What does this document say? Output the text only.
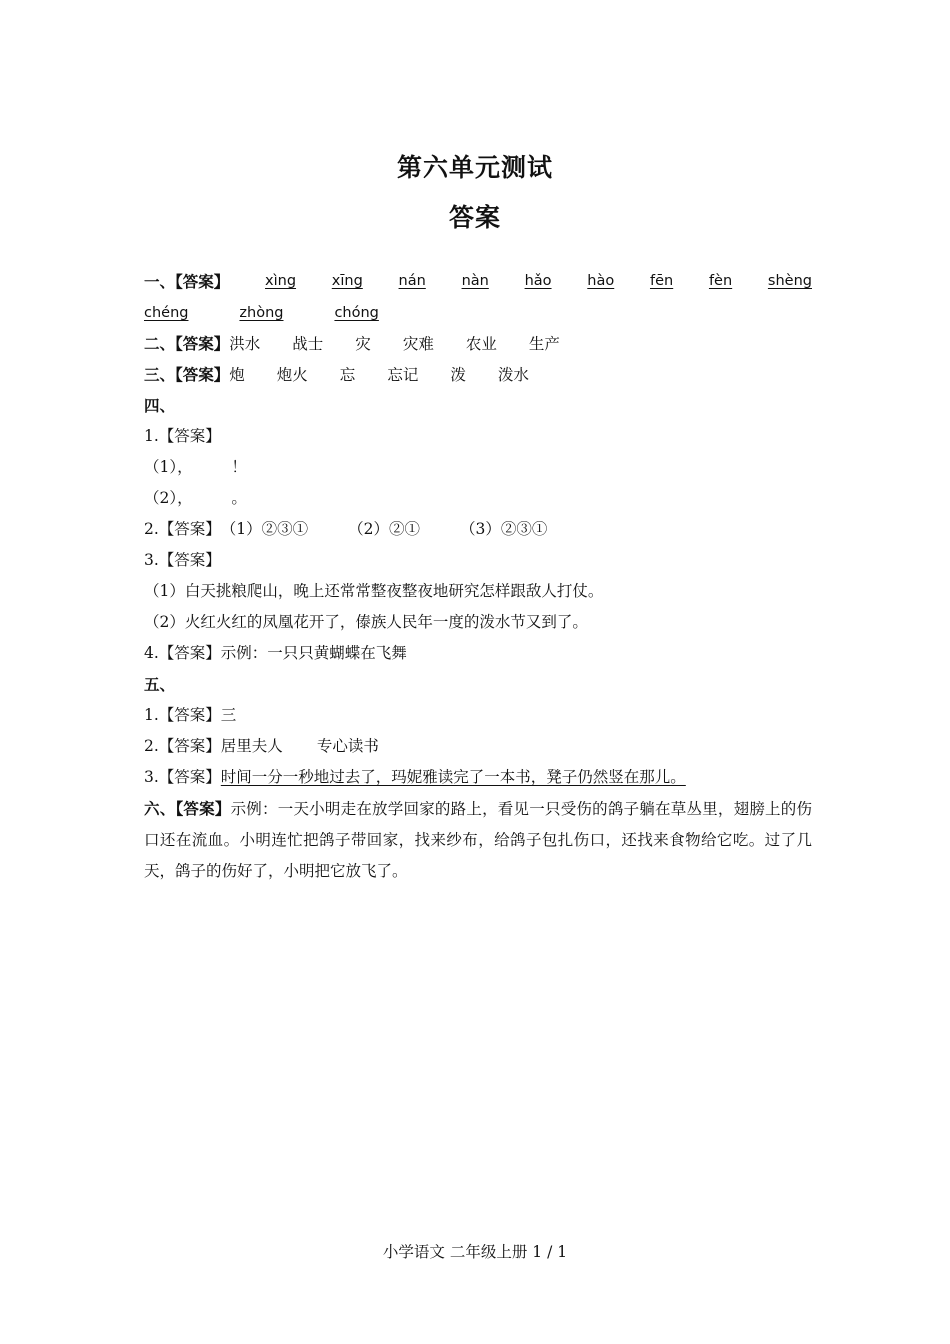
第六单元测试
答案
一、【答案】 xìng xīng nán nàn hǎo hào fēn fèn shèng
chéng	zhòng	chóng
二、【答案】洪水 战士 灾 灾难 农业 生产
三、【答案】炮 炮火 忘 忘记 泼 泼水
四、
1.【答案】
（1），　　　！
（2），　　　。
2.【答案】（1）②③①	（2）②①	（3）②③①
3.【答案】
（1）白天挑粮爬山，晚上还常常整夜整夜地研究怎样跟敌人打仗。
（2）火红火红的凤凰花开了，傣族人民年一度的泼水节又到了。
4.【答案】示例：一只只黄蝴蝶在飞舞
五、
1.【答案】三
2.【答案】居里夫人 专心读书
3.【答案】时间一分一秒地过去了，玛妮雅读完了一本书，凳子仍然竖在那儿。
六、【答案】示例：一天小明走在放学回家的路上，看见一只受伤的鸽子躺在草丛里，翅膀上的伤口还在流血。小明连忙把鸽子带回家，找来纱布，给鸽子包扎伤口，还找来食物给它吃。过了几天，鸽子的伤好了，小明把它放飞了。
小学语文 二年级上册 1 / 1
